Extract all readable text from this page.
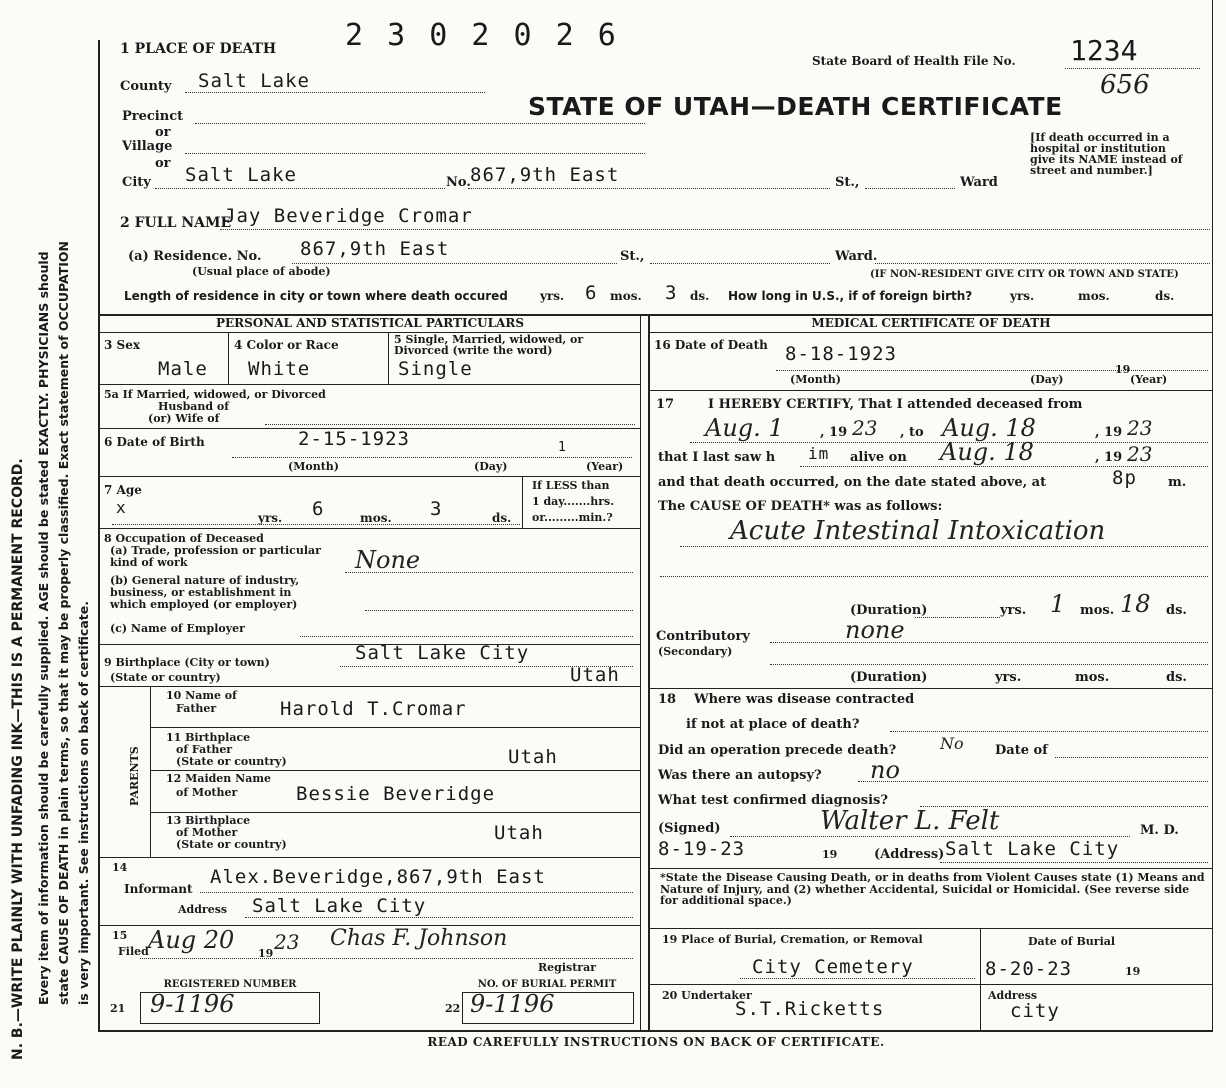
N. B.—WRITE PLAINLY WITH UNFADING INK—THIS IS A PERMANENT RECORD. Every item of information should be carefully supplied. AGE should be stated EXACTLY. PHYSICIANS should state CAUSE OF DEATH in plain terms, so that it may be properly classified. Exact statement of OCCUPATION is very important. See instructions on back of certificate.
1 PLACE OF DEATH 2 3 0 2 0 2 6
State Board of Health File No. 1234
656
STATE OF UTAH—DEATH CERTIFICATE
[If death occurred in a hospital or institution give its NAME instead of street and number.]
County Salt Lake
Precinct
or
Village
or
City Salt Lake	No. 867,9th East	St.,	Ward
2 FULL NAME
Jay Beveridge Cromar
(a) Residence. No. 867,9th East	St.,	Ward.
(Usual place of abode)	(IF NON-RESIDENT GIVE CITY OR TOWN AND STATE)
Length of residence in city or town where death occured	yrs. 6 mos. 3 ds. How long in U.S., if of foreign birth?	yrs.	mos.	ds.
PERSONAL AND STATISTICAL PARTICULARS
3 Sex
Male
4 Color or Race
White
5 Single, Married, widowed, or Divorced (write the word)
Single
5a If Married, widowed, or Divorced
Husband of
(or) Wife of
6 Date of Birth	2-15-1923	1
(Month)	(Day)	(Year)
7 Age
x
yrs. 6	mos. 3	ds.
If LESS than
1 day.......hrs.
or.........min.?
8 Occupation of Deceased
(a) Trade, profession or particular kind of work	None
(b) General nature of industry,
business, or establishment in
which employed (or employer)
(c) Name of Employer
9 Birthplace (City or town)	Salt Lake City
(State or country)	Utah
PARENTS
10 Name of
Father	Harold T.Cromar
11 Birthplace
of Father
(State or country)	Utah
12 Maiden Name
of Mother	Bessie Beveridge
13 Birthplace
of Mother
(State or country)
Utah
14
Informant
Alex.Beveridge,867,9th East
Address Salt Lake City
15
Filed Aug 20 19 23 Chas F. Johnson
Registrar
21
REGISTERED NUMBER
9-1196	22
NO. OF BURIAL PERMIT
9-1196
MEDICAL CERTIFICATE OF DEATH
16 Date of Death 8-18-1923
19
(Month)	(Day)	(Year)
17	I HEREBY CERTIFY, That I attended deceased from
Aug. 1	, 19 23 , to Aug. 18	, 19 23
that I last saw h im alive on Aug. 18	, 19 23
and that death occurred, on the date stated above, at	8p m.
The CAUSE OF DEATH* was as follows:
Acute Intestinal Intoxication
(Duration)	yrs. 1 mos. 18 ds.
Contributory
(Secondary)
none
(Duration)	yrs.	mos.	ds.
18 Where was disease contracted
if not at place of death?
Did an operation precede death?	No Date of
Was there an autopsy? no
What test confirmed diagnosis?
(Signed)	Walter L. Felt	M. D.
8-19-23	19	(Address) Salt Lake City
*State the Disease Causing Death, or in deaths from Violent Causes state (1) Means and Nature of Injury, and (2) whether Accidental, Suicidal or Homicidal. (See reverse side for additional space.)
19 Place of Burial, Cremation, or Removal
City Cemetery
Date of Burial
8-20-23	19
20 Undertaker
S.T.Ricketts
Address
city
READ CAREFULLY INSTRUCTIONS ON BACK OF CERTIFICATE.
